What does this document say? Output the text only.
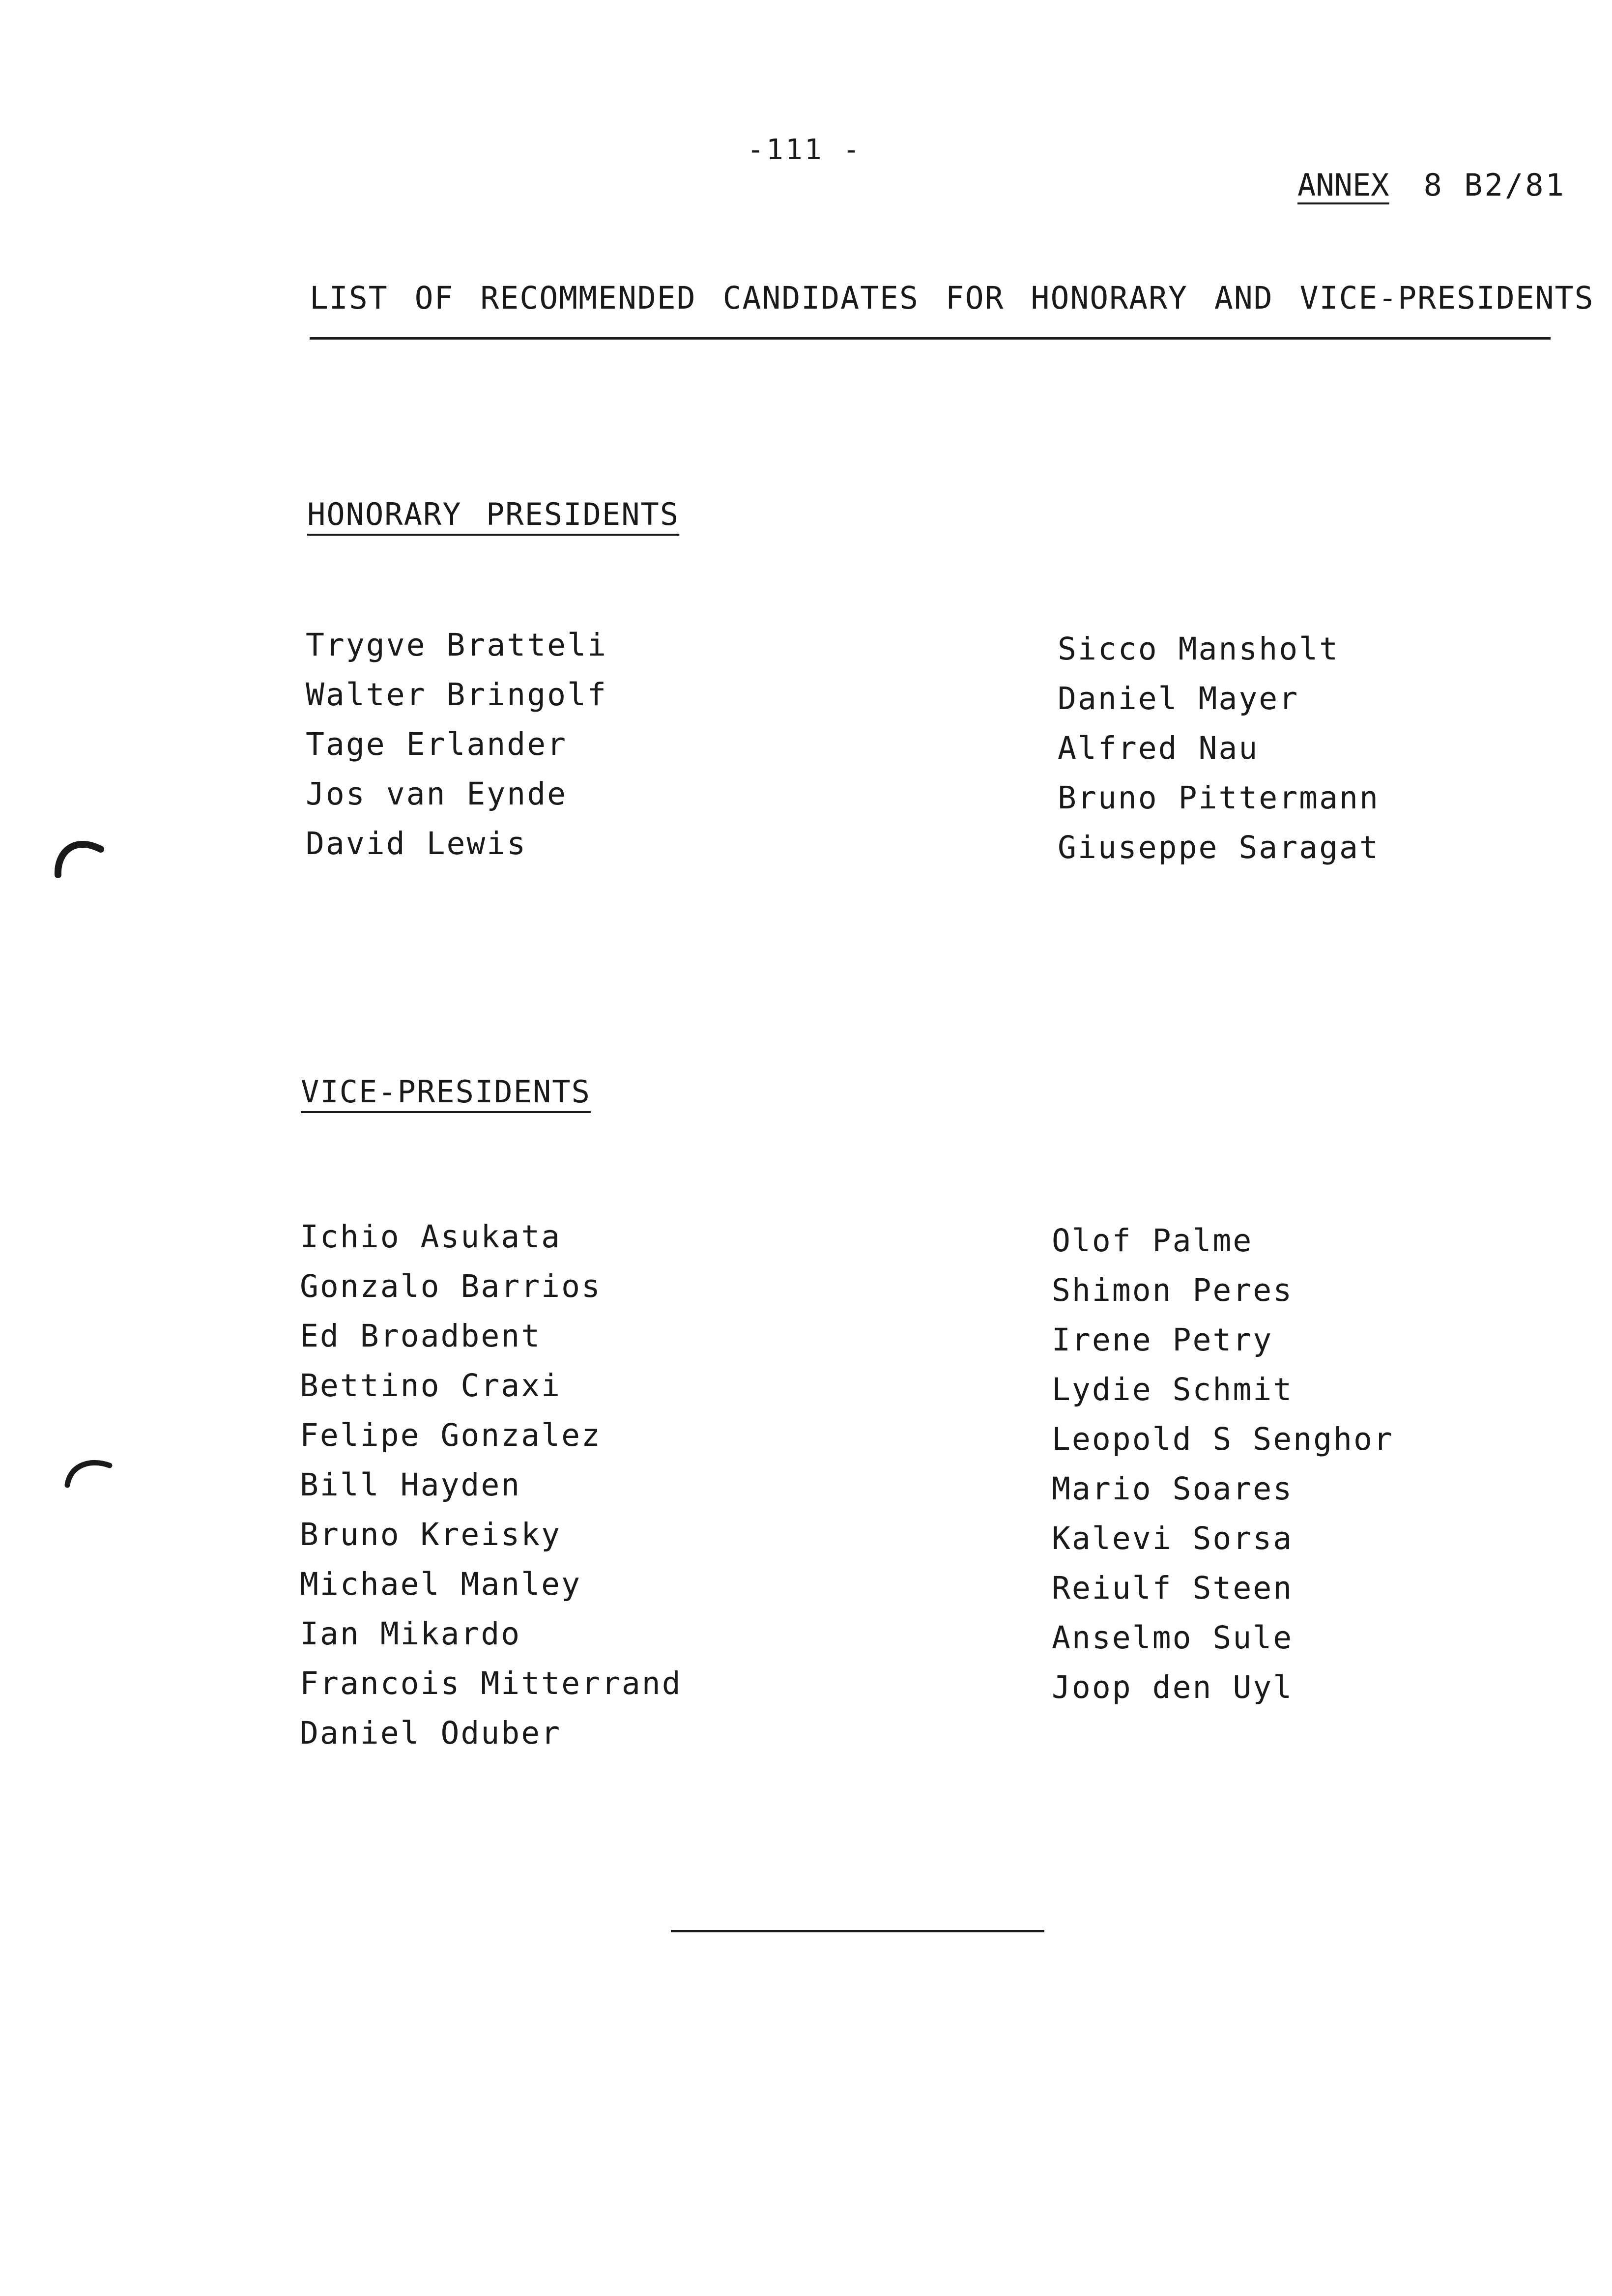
-111 -
ANNEX 8 B2/81
LIST OF RECOMMENDED CANDIDATES FOR HONORARY AND VICE-PRESIDENTS
HONORARY PRESIDENTS
Trygve Bratteli
Walter Bringolf
Tage Erlander
Jos van Eynde
David Lewis
Sicco Mansholt
Daniel Mayer
Alfred Nau
Bruno Pittermann
Giuseppe Saragat
VICE-PRESIDENTS
Ichio Asukata
Gonzalo Barrios
Ed Broadbent
Bettino Craxi
Felipe Gonzalez
Bill Hayden
Bruno Kreisky
Michael Manley
Ian Mikardo
Francois Mitterrand
Daniel Oduber
Olof Palme
Shimon Peres
Irene Petry
Lydie Schmit
Leopold S Senghor
Mario Soares
Kalevi Sorsa
Reiulf Steen
Anselmo Sule
Joop den Uyl
